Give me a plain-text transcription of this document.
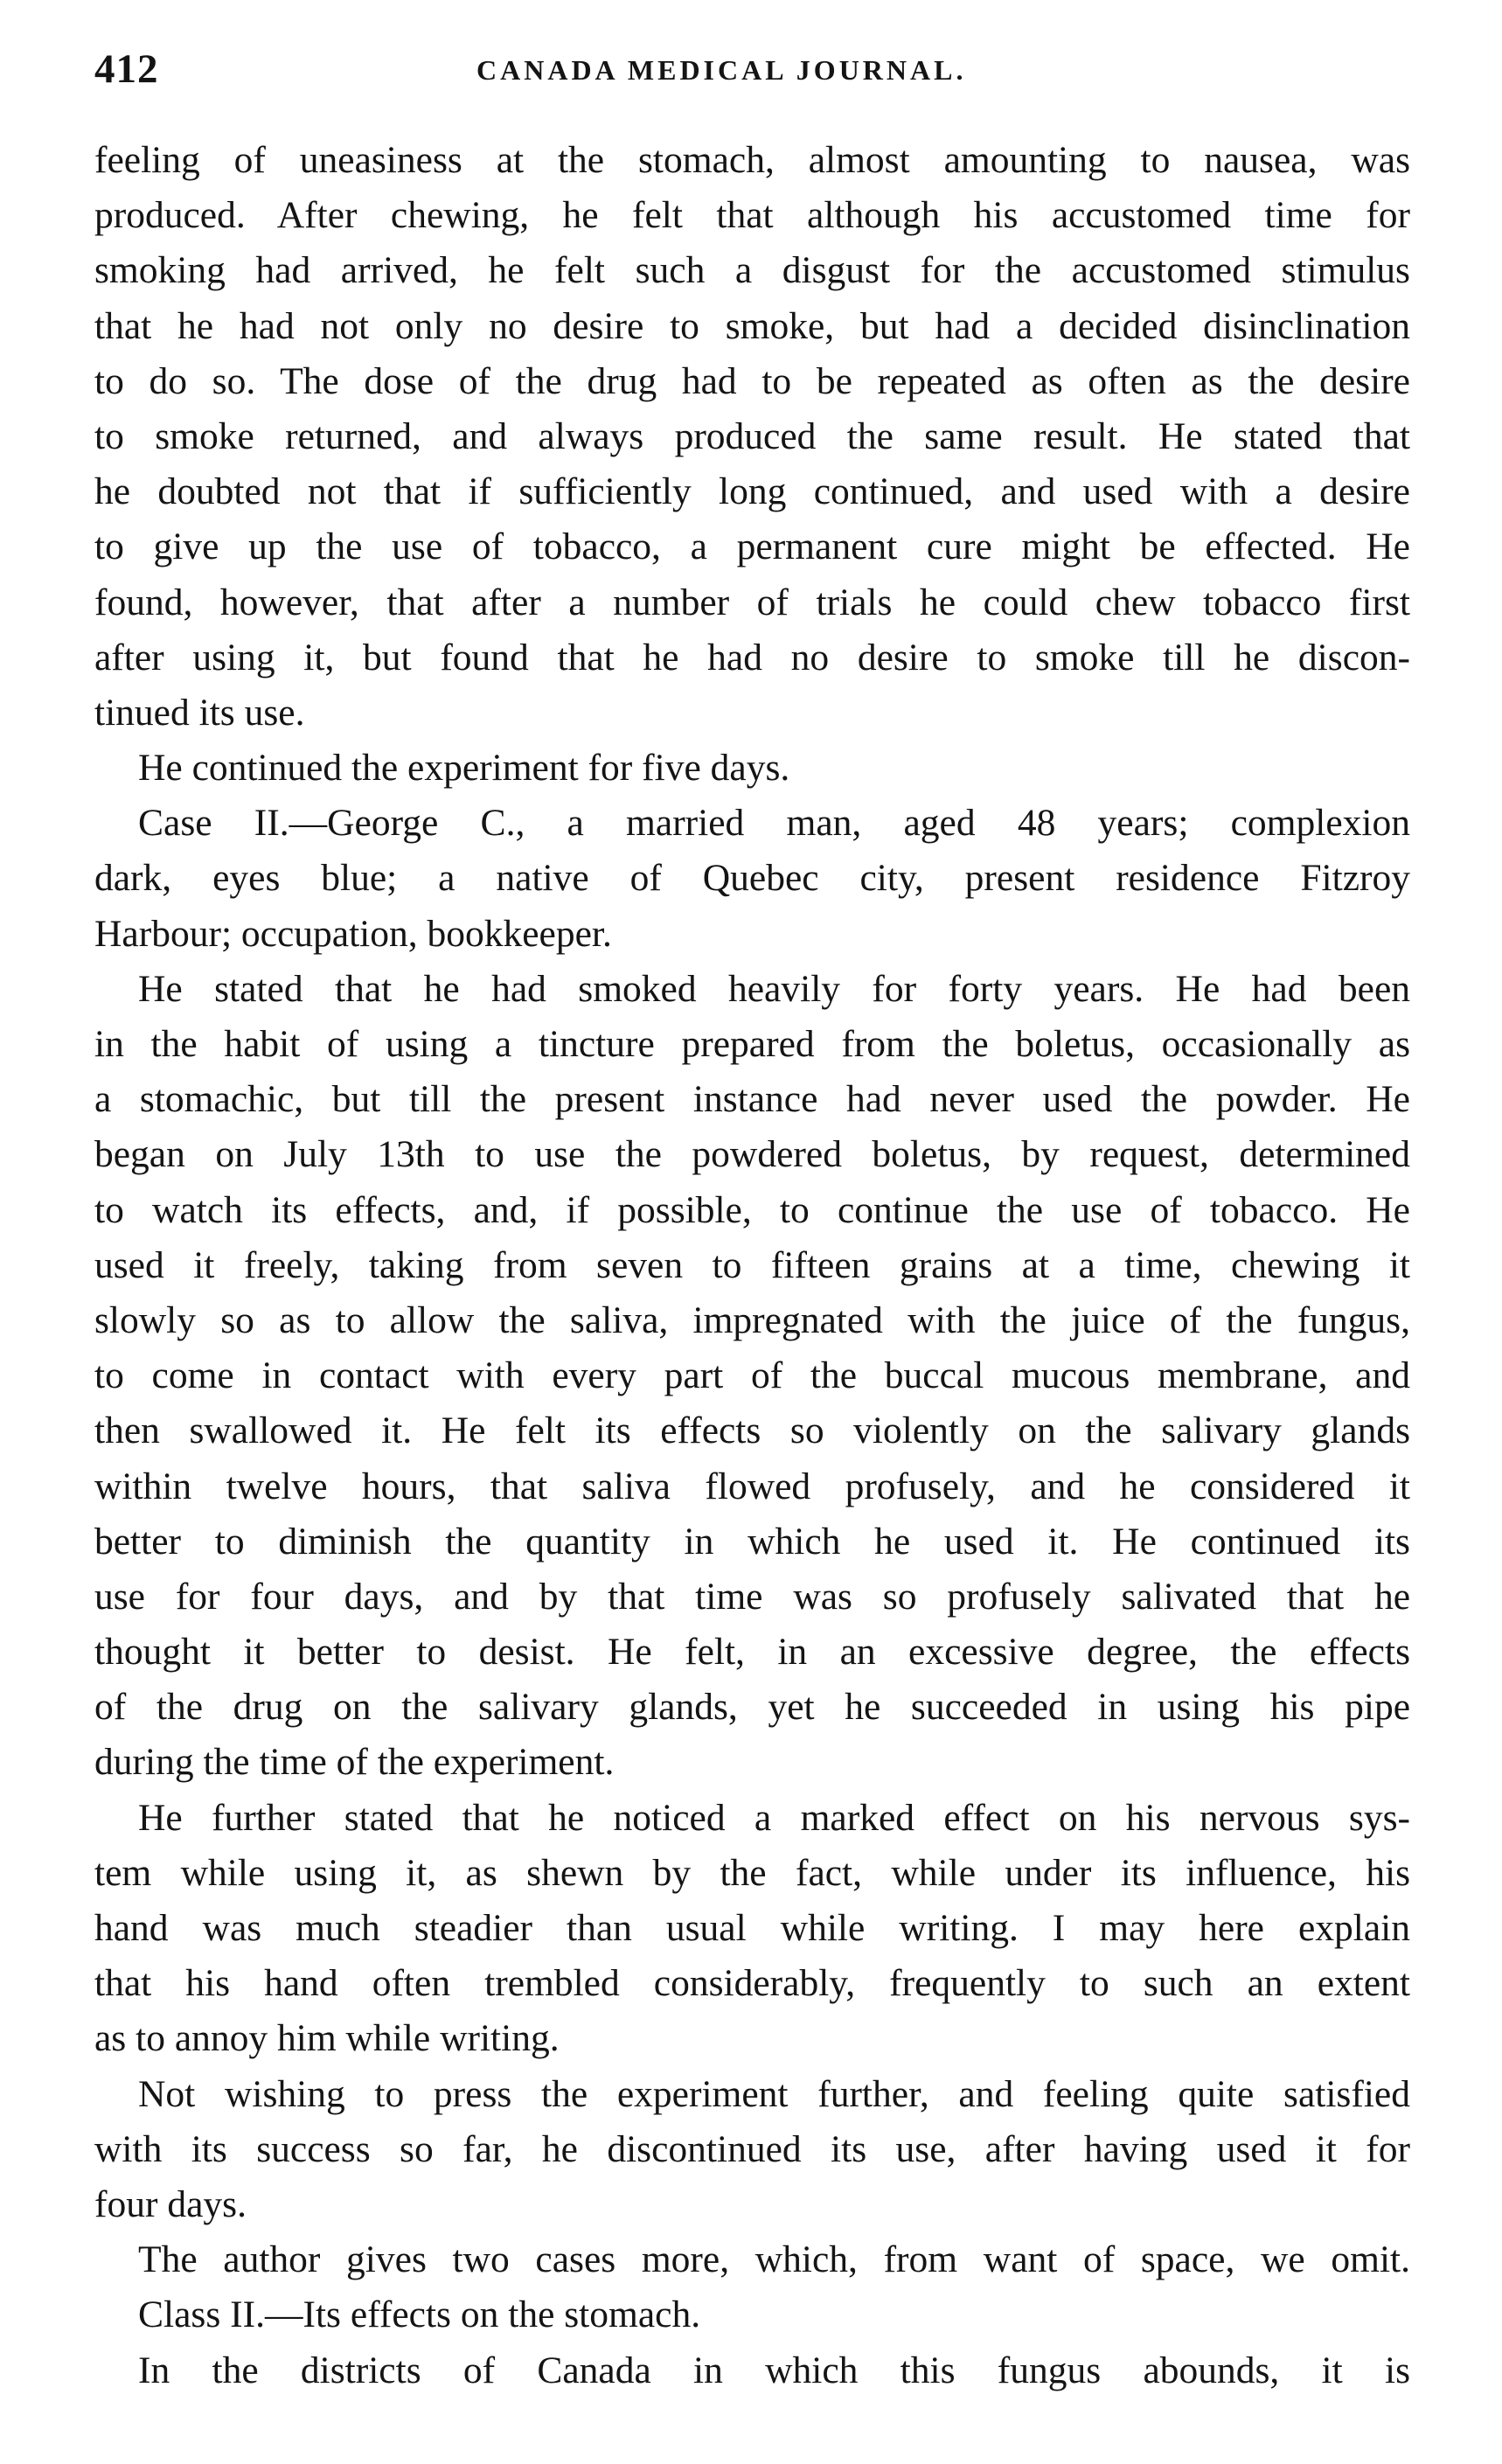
412	CANADA MEDICAL JOURNAL.
feeling of uneasiness at the stomach, almost amounting to nausea, was
produced. After chewing, he felt that although his accustomed time for
smoking had arrived, he felt such a disgust for the accustomed stimulus
that he had not only no desire to smoke, but had a decided disinclination
to do so. The dose of the drug had to be repeated as often as the desire
to smoke returned, and always produced the same result. He stated that
he doubted not that if sufficiently long continued, and used with a desire
to give up the use of tobacco, a permanent cure might be effected. He
found, however, that after a number of trials he could chew tobacco first
after using it, but found that he had no desire to smoke till he discon-
tinued its use.
He continued the experiment for five days.
Case II.—George C., a married man, aged 48 years; complexion
dark, eyes blue; a native of Quebec city, present residence Fitzroy
Harbour; occupation, bookkeeper.
He stated that he had smoked heavily for forty years. He had been
in the habit of using a tincture prepared from the boletus, occasionally as
a stomachic, but till the present instance had never used the powder. He
began on July 13th to use the powdered boletus, by request, determined
to watch its effects, and, if possible, to continue the use of tobacco. He
used it freely, taking from seven to fifteen grains at a time, chewing it
slowly so as to allow the saliva, impregnated with the juice of the fungus,
to come in contact with every part of the buccal mucous membrane, and
then swallowed it. He felt its effects so violently on the salivary glands
within twelve hours, that saliva flowed profusely, and he considered it
better to diminish the quantity in which he used it. He continued its
use for four days, and by that time was so profusely salivated that he
thought it better to desist. He felt, in an excessive degree, the effects
of the drug on the salivary glands, yet he succeeded in using his pipe
during the time of the experiment.
He further stated that he noticed a marked effect on his nervous sys-
tem while using it, as shewn by the fact, while under its influence, his
hand was much steadier than usual while writing. I may here explain
that his hand often trembled considerably, frequently to such an extent
as to annoy him while writing.
Not wishing to press the experiment further, and feeling quite satisfied
with its success so far, he discontinued its use, after having used it for
four days.
The author gives two cases more, which, from want of space, we omit.
Class II.—Its effects on the stomach.
In the districts of Canada in which this fungus abounds, it is
